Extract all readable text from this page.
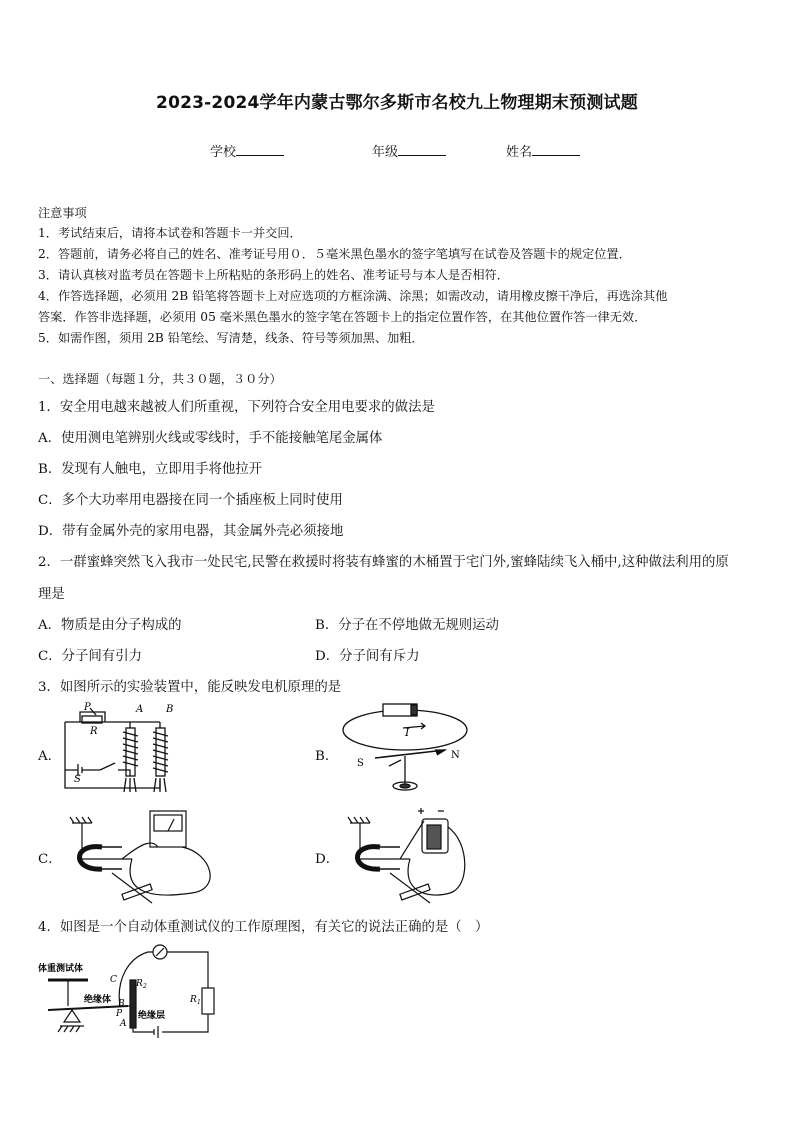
2023-2024学年内蒙古鄂尔多斯市名校九上物理期末预测试题
学校	年级	姓名
注意事项
1．考试结束后，请将本试卷和答题卡一并交回．
2．答题前，请务必将自己的姓名、准考证号用０．５毫米黑色墨水的签字笔填写在试卷及答题卡的规定位置．
3．请认真核对监考员在答题卡上所粘贴的条形码上的姓名、准考证号与本人是否相符．
4．作答选择题，必须用 2B 铅笔将答题卡上对应选项的方框涂满、涂黑；如需改动，请用橡皮擦干净后，再选涂其他
答案．作答非选择题，必须用 05 毫米黑色墨水的签字笔在答题卡上的指定位置作答，在其他位置作答一律无效．
5．如需作图，须用 2B 铅笔绘、写清楚，线条、符号等须加黑、加粗．
一、选择题（每题１分，共３０题，３０分）
1．安全用电越来越被人们所重视，下列符合安全用电要求的做法是
A．使用测电笔辨别火线或零线时，手不能接触笔尾金属体
B．发现有人触电，立即用手将他拉开
C．多个大功率用电器接在同一个插座板上同时使用
D．带有金属外壳的家用电器，其金属外壳必须接地
2．一群蜜蜂突然飞入我市一处民宅,民警在救援时将装有蜂蜜的木桶置于宅门外,蜜蜂陆续飞入桶中,这种做法利用的原
理是
A．物质是由分子构成的	B．分子在不停地做无规则运动
C．分子间有引力	D．分子间有斥力
3．如图所示的实验装置中，能反映发电机原理的是
A．	B．
C．	D．
P
R
S
A B
I
S
N
4．如图是一个自动体重测试仪的工作原理图，有关它的说法正确的是（　）
体重测试体
绝缘体
绝缘层
R 2
R 1
C
B
P
A
